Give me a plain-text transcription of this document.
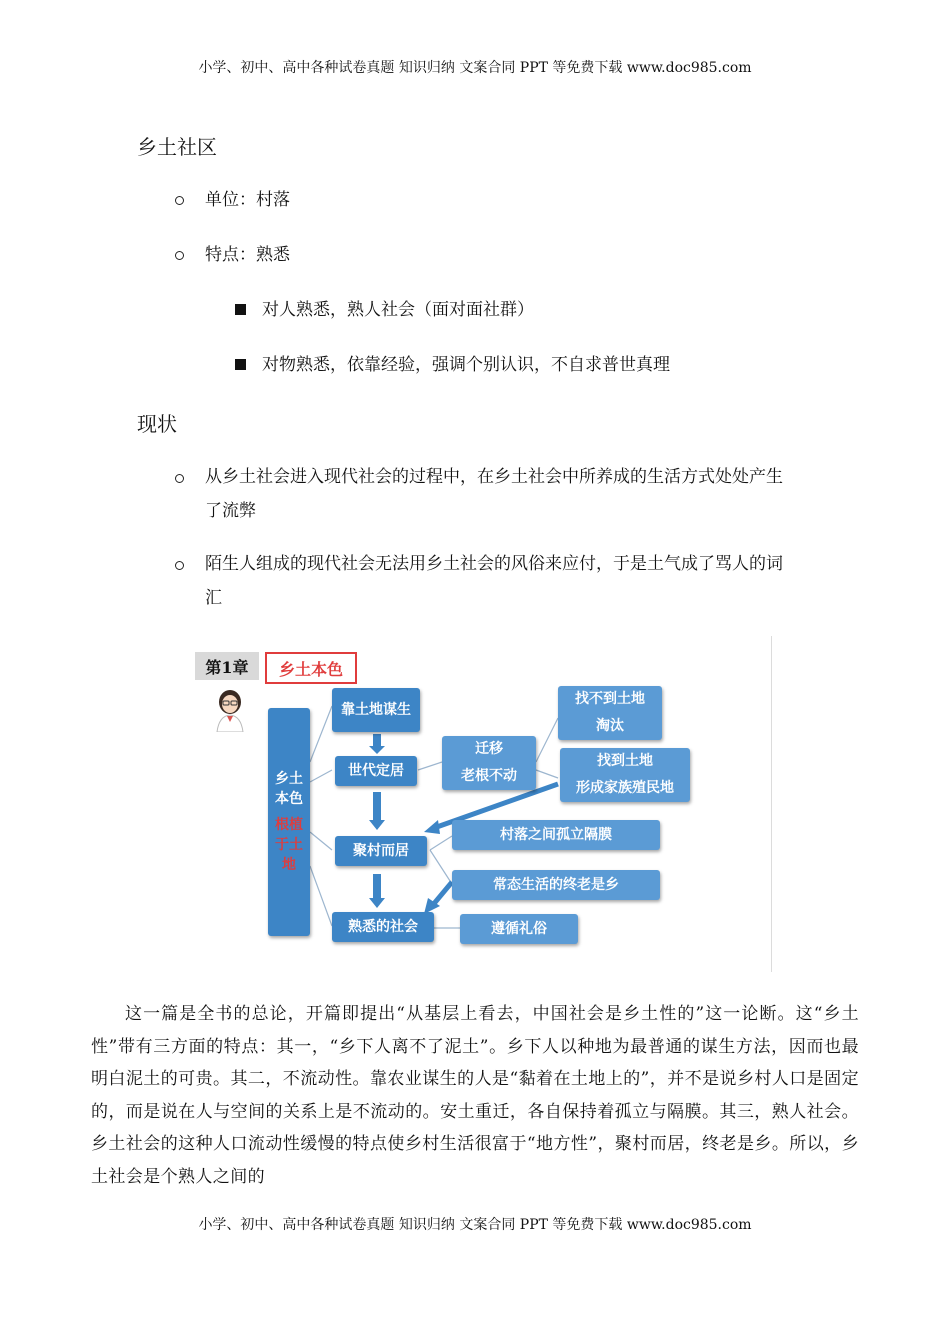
小学、初中、高中各种试卷真题 知识归纳 文案合同 PPT 等免费下载 www.doc985.com
乡土社区
单位：村落
特点：熟悉
对人熟悉，熟人社会（面对面社群）
对物熟悉，依靠经验，强调个别认识，不自求普世真理
现状
从乡土社会进入现代社会的过程中，在乡土社会中所养成的生活方式处处产生
了流弊
陌生人组成的现代社会无法用乡土社会的风俗来应付，于是土气成了骂人的词
汇
第1章	乡土本色
乡土
本色
根植
于土
地
靠土地谋生
世代定居
聚村而居
熟悉的社会
迁移
老根不动
找不到土地
淘汰
找到土地
形成家族殖民地
村落之间孤立隔膜
常态生活的终老是乡
遵循礼俗

这一篇是全书的总论，开篇即提出“从基层上看去，中国社会是乡土性的”这一论断。这“乡土性”带有三方面的特点：其一，“乡下人离不了泥土”。乡下人以种地为最普通的谋生方法，因而也最明白泥土的可贵。其二，不流动性。靠农业谋生的人是“黏着在土地上的”，并不是说乡村人口是固定的，而是说在人与空间的关系上是不流动的。安土重迁，各自保持着孤立与隔膜。其三，熟人社会。乡土社会的这种人口流动性缓慢的特点使乡村生活很富于“地方性”，聚村而居，终老是乡。所以，乡土社会是个熟人之间的

小学、初中、高中各种试卷真题 知识归纳 文案合同 PPT 等免费下载 www.doc985.com
